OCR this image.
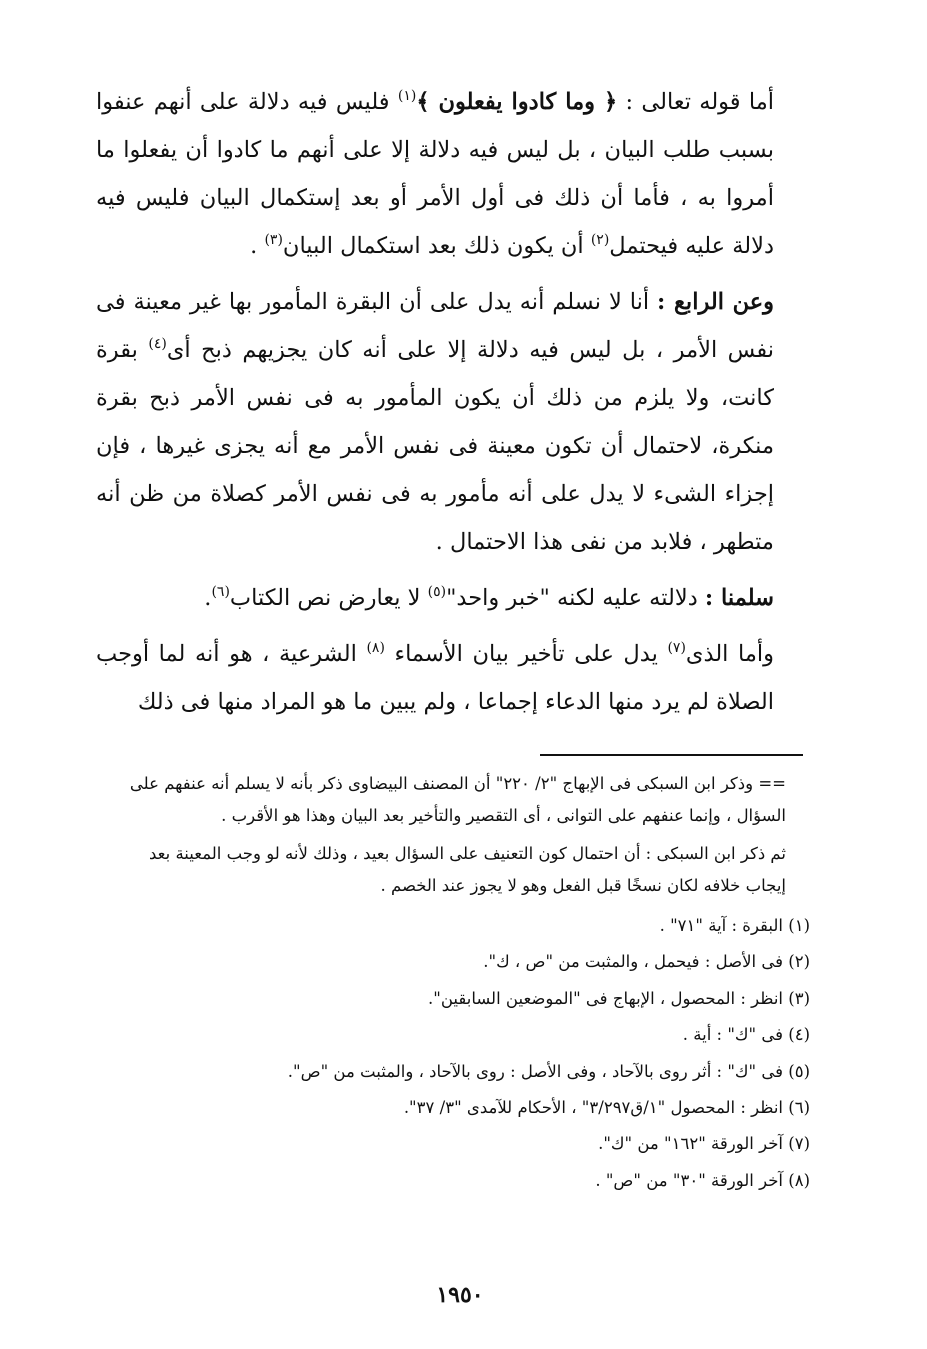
أما قوله تعالى : ﴿ وما كادوا يفعلون ﴾$^{(١)}$ فليس فيه دلالة على أنهم عنفوا بسبب طلب البيان ، بل ليس فيه دلالة إلا على أنهم ما كادوا أن يفعلوا ما أمروا به ، فأما أن ذلك فى أول الأمر أو بعد إستكمال البيان فليس فيه دلالة عليه فيحتمل$^{(٢)}$ أن يكون ذلك بعد استكمال البيان$^{(٣)}$ .

وعن الرابع : أنا لا نسلم أنه يدل على أن البقرة المأمور بها غير معينة فى نفس الأمر ، بل ليس فيه دلالة إلا على أنه كان يجزيهم ذبح أى$^{(٤)}$ بقرة كانت، ولا يلزم من ذلك أن يكون المأمور به فى نفس الأمر ذبح بقرة منكرة، لاحتمال أن تكون معينة فى نفس الأمر مع أنه يجزى غيرها ، فإن إجزاء الشىء لا يدل على أنه مأمور به فى نفس الأمر كصلاة من ظن أنه متطهر ، فلابد من نفى هذا الاحتمال .

سلمنا : دلالته عليه لكنه "خبر واحد"$^{(٥)}$ لا يعارض نص الكتاب$^{(٦)}$.

وأما الذى$^{(٧)}$ يدل على تأخير بيان الأسماء $^{(٨)}$ الشرعية ، هو أنه لما أوجب الصلاة لم يرد منها الدعاء إجماعا ، ولم يبين ما هو المراد منها فى ذلك

== وذكر ابن السبكى فى الإبهاج "٢/ ٢٢٠" أن المصنف البيضاوى ذكر بأنه لا يسلم أنه عنفهم على السؤال ، وإنما عنفهم على التوانى ، أى التقصير والتأخير بعد البيان وهذا هو الأقرب .

ثم ذكر ابن السبكى : أن احتمال كون التعنيف على السؤال بعيد ، وذلك لأنه لو وجب المعينة بعد إيجاب خلافه لكان نسخًا قبل الفعل وهو لا يجوز عند الخصم .

(١) البقرة : آية "٧١" .

(٢) فى الأصل : فيحمل ، والمثبت من "ص ، ك".

(٣) انظر : المحصول ، الإبهاج فى "الموضعين السابقين".

(٤) فى "ك" : أية .

(٥) فى "ك" : أثر روى بالآحاد ، وفى الأصل : روى بالآحاد ، والمثبت من "ص".

(٦) انظر : المحصول "١/ق٣/٢٩٧" ، الأحكام للآمدى "٣/ ٣٧".

(٧) آخر الورقة "١٦٢" من "ك".

(٨) آخر الورقة "٣٠" من "ص" .

١٩٥٠
